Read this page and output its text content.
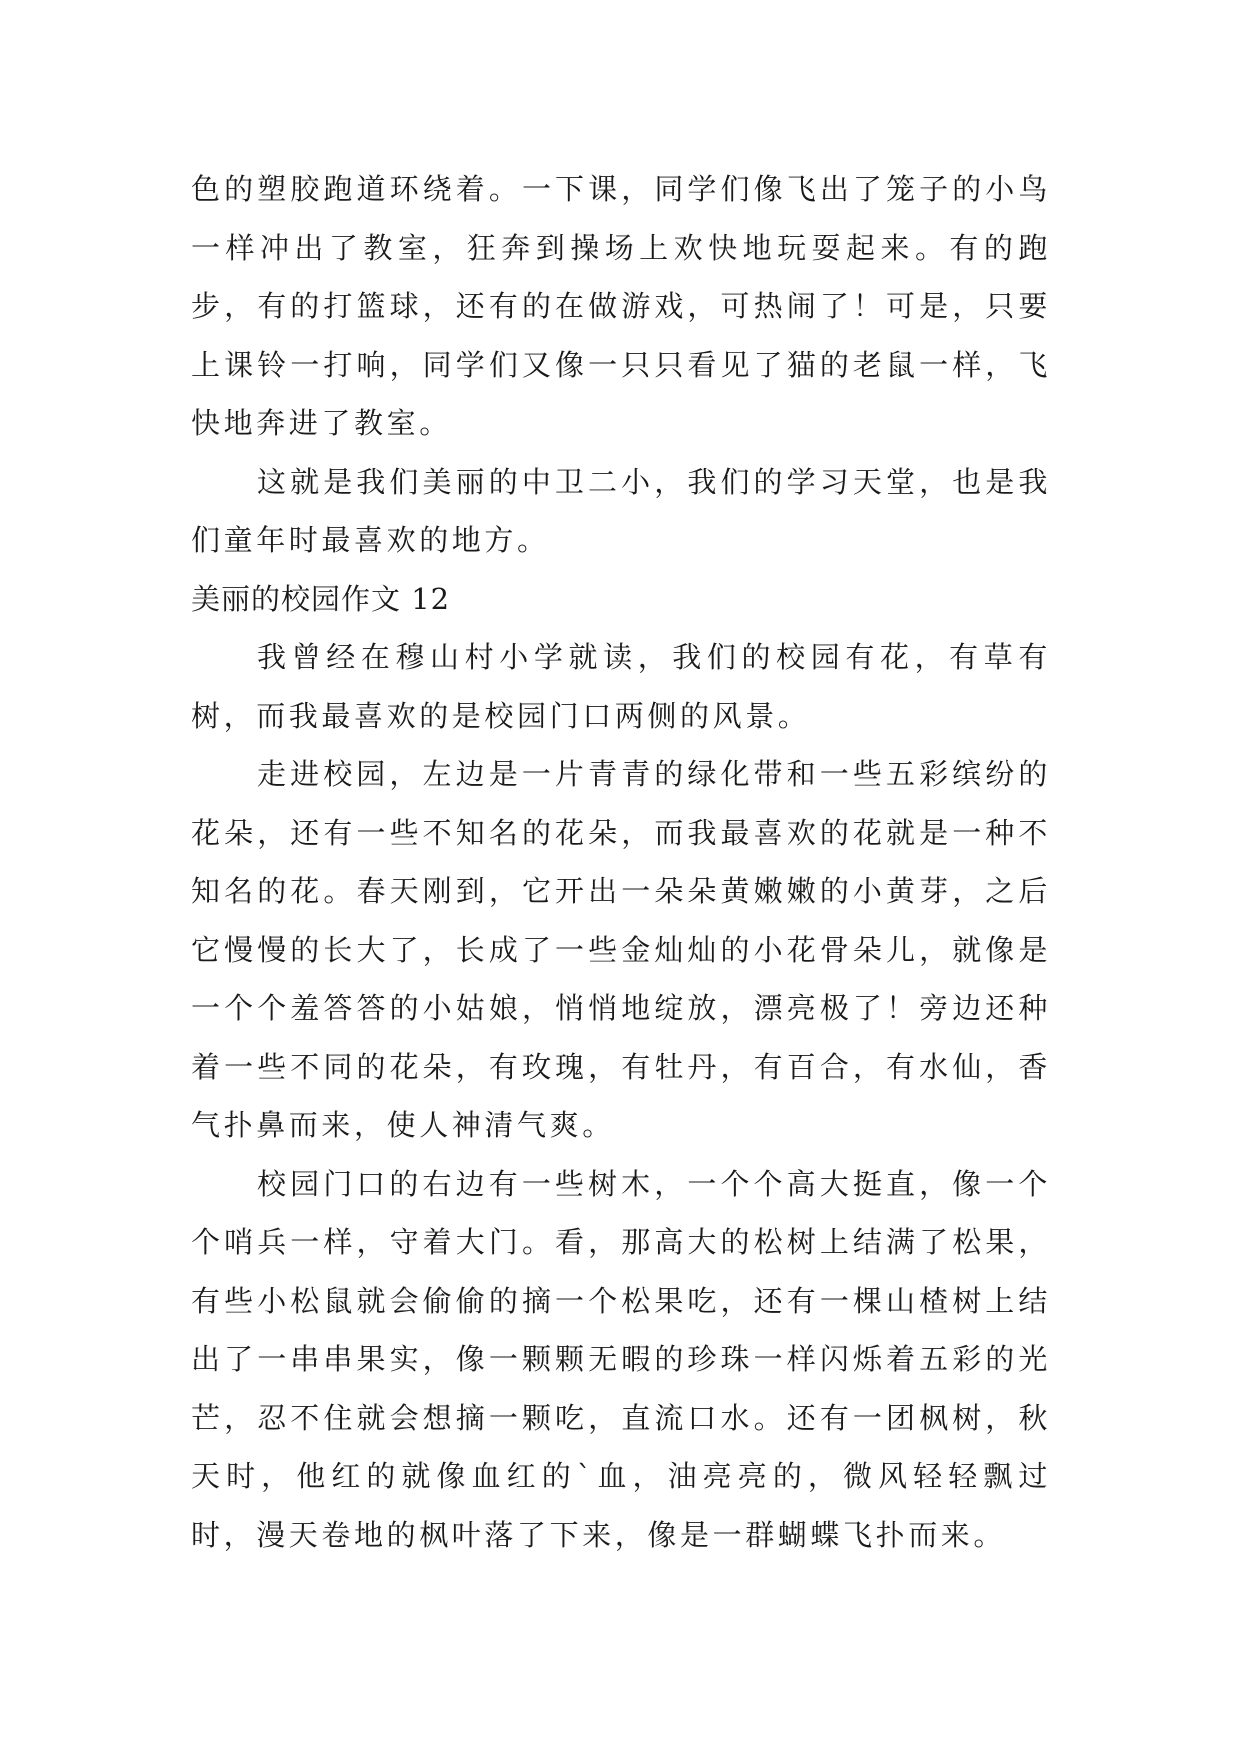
色的塑胶跑道环绕着。一下课，同学们像飞出了笼子的小鸟一样冲出了教室，狂奔到操场上欢快地玩耍起来。有的跑步，有的打篮球，还有的在做游戏，可热闹了！可是，只要上课铃一打响，同学们又像一只只看见了猫的老鼠一样，飞快地奔进了教室。

这就是我们美丽的中卫二小，我们的学习天堂，也是我们童年时最喜欢的地方。

美丽的校园作文 12

我曾经在穆山村小学就读，我们的校园有花，有草有树，而我最喜欢的是校园门口两侧的风景。

走进校园，左边是一片青青的绿化带和一些五彩缤纷的花朵，还有一些不知名的花朵，而我最喜欢的花就是一种不知名的花。春天刚到，它开出一朵朵黄嫩嫩的小黄芽，之后它慢慢的长大了，长成了一些金灿灿的小花骨朵儿，就像是一个个羞答答的小姑娘，悄悄地绽放，漂亮极了！旁边还种着一些不同的花朵，有玫瑰，有牡丹，有百合，有水仙，香气扑鼻而来，使人神清气爽。

校园门口的右边有一些树木，一个个高大挺直，像一个个哨兵一样，守着大门。看，那高大的松树上结满了松果，有些小松鼠就会偷偷的摘一个松果吃，还有一棵山楂树上结出了一串串果实，像一颗颗无暇的珍珠一样闪烁着五彩的光芒，忍不住就会想摘一颗吃，直流口水。还有一团枫树，秋天时，他红的就像血红的`血，油亮亮的，微风轻轻飘过时，漫天卷地的枫叶落了下来，像是一群蝴蝶飞扑而来。
